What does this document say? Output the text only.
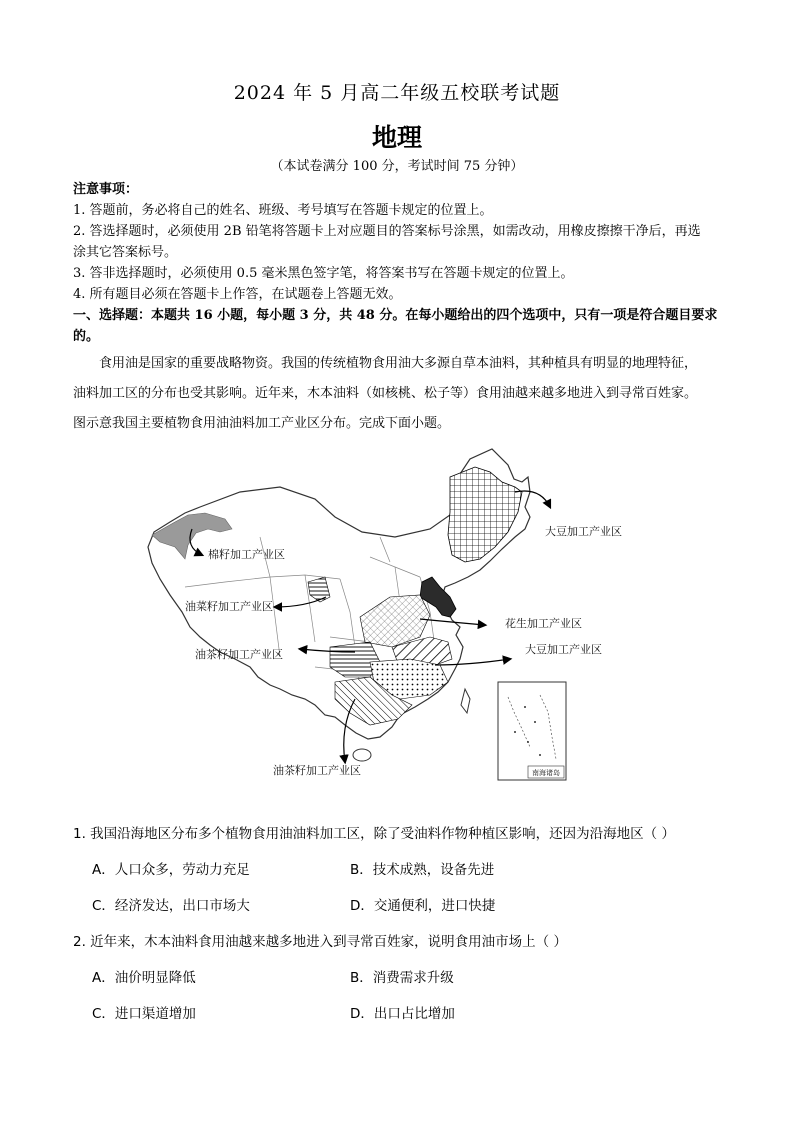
2024 年 5 月高二年级五校联考试题
地理
（本试卷满分 100 分，考试时间 75 分钟）
注意事项：
1. 答题前，务必将自己的姓名、班级、考号填写在答题卡规定的位置上。
2. 答选择题时，必须使用 2B 铅笔将答题卡上对应题目的答案标号涂黑，如需改动，用橡皮擦擦干净后，再选
涂其它答案标号。
3. 答非选择题时，必须使用 0.5 毫米黑色签字笔，将答案书写在答题卡规定的位置上。
4. 所有题目必须在答题卡上作答，在试题卷上答题无效。
一、选择题：本题共 16 小题，每小题 3 分，共 48 分。在每小题给出的四个选项中，只有一项是符合题目要求
的。
　　食用油是国家的重要战略物资。我国的传统植物食用油大多源自草本油料，其种植具有明显的地理特征，
油料加工区的分布也受其影响。近年来，木本油料（如核桃、松子等）食用油越来越多地进入到寻常百姓家。
图示意我国主要植物食用油油料加工产业区分布。完成下面小题。
南海诸岛
大豆加工产业区
棉籽加工产业区
油菜籽加工产业区
花生加工产业区
油茶籽加工产业区	大豆加工产业区
油茶籽加工产业区
1. 我国沿海地区分布多个植物食用油油料加工区，除了受油料作物种植区影响，还因为沿海地区（ ）
A．人口众多，劳动力充足	B．技术成熟，设备先进
C．经济发达，出口市场大	D．交通便利，进口快捷
2. 近年来，木本油料食用油越来越多地进入到寻常百姓家，说明食用油市场上（ ）
A．油价明显降低	B．消费需求升级
C．进口渠道增加	D．出口占比增加
